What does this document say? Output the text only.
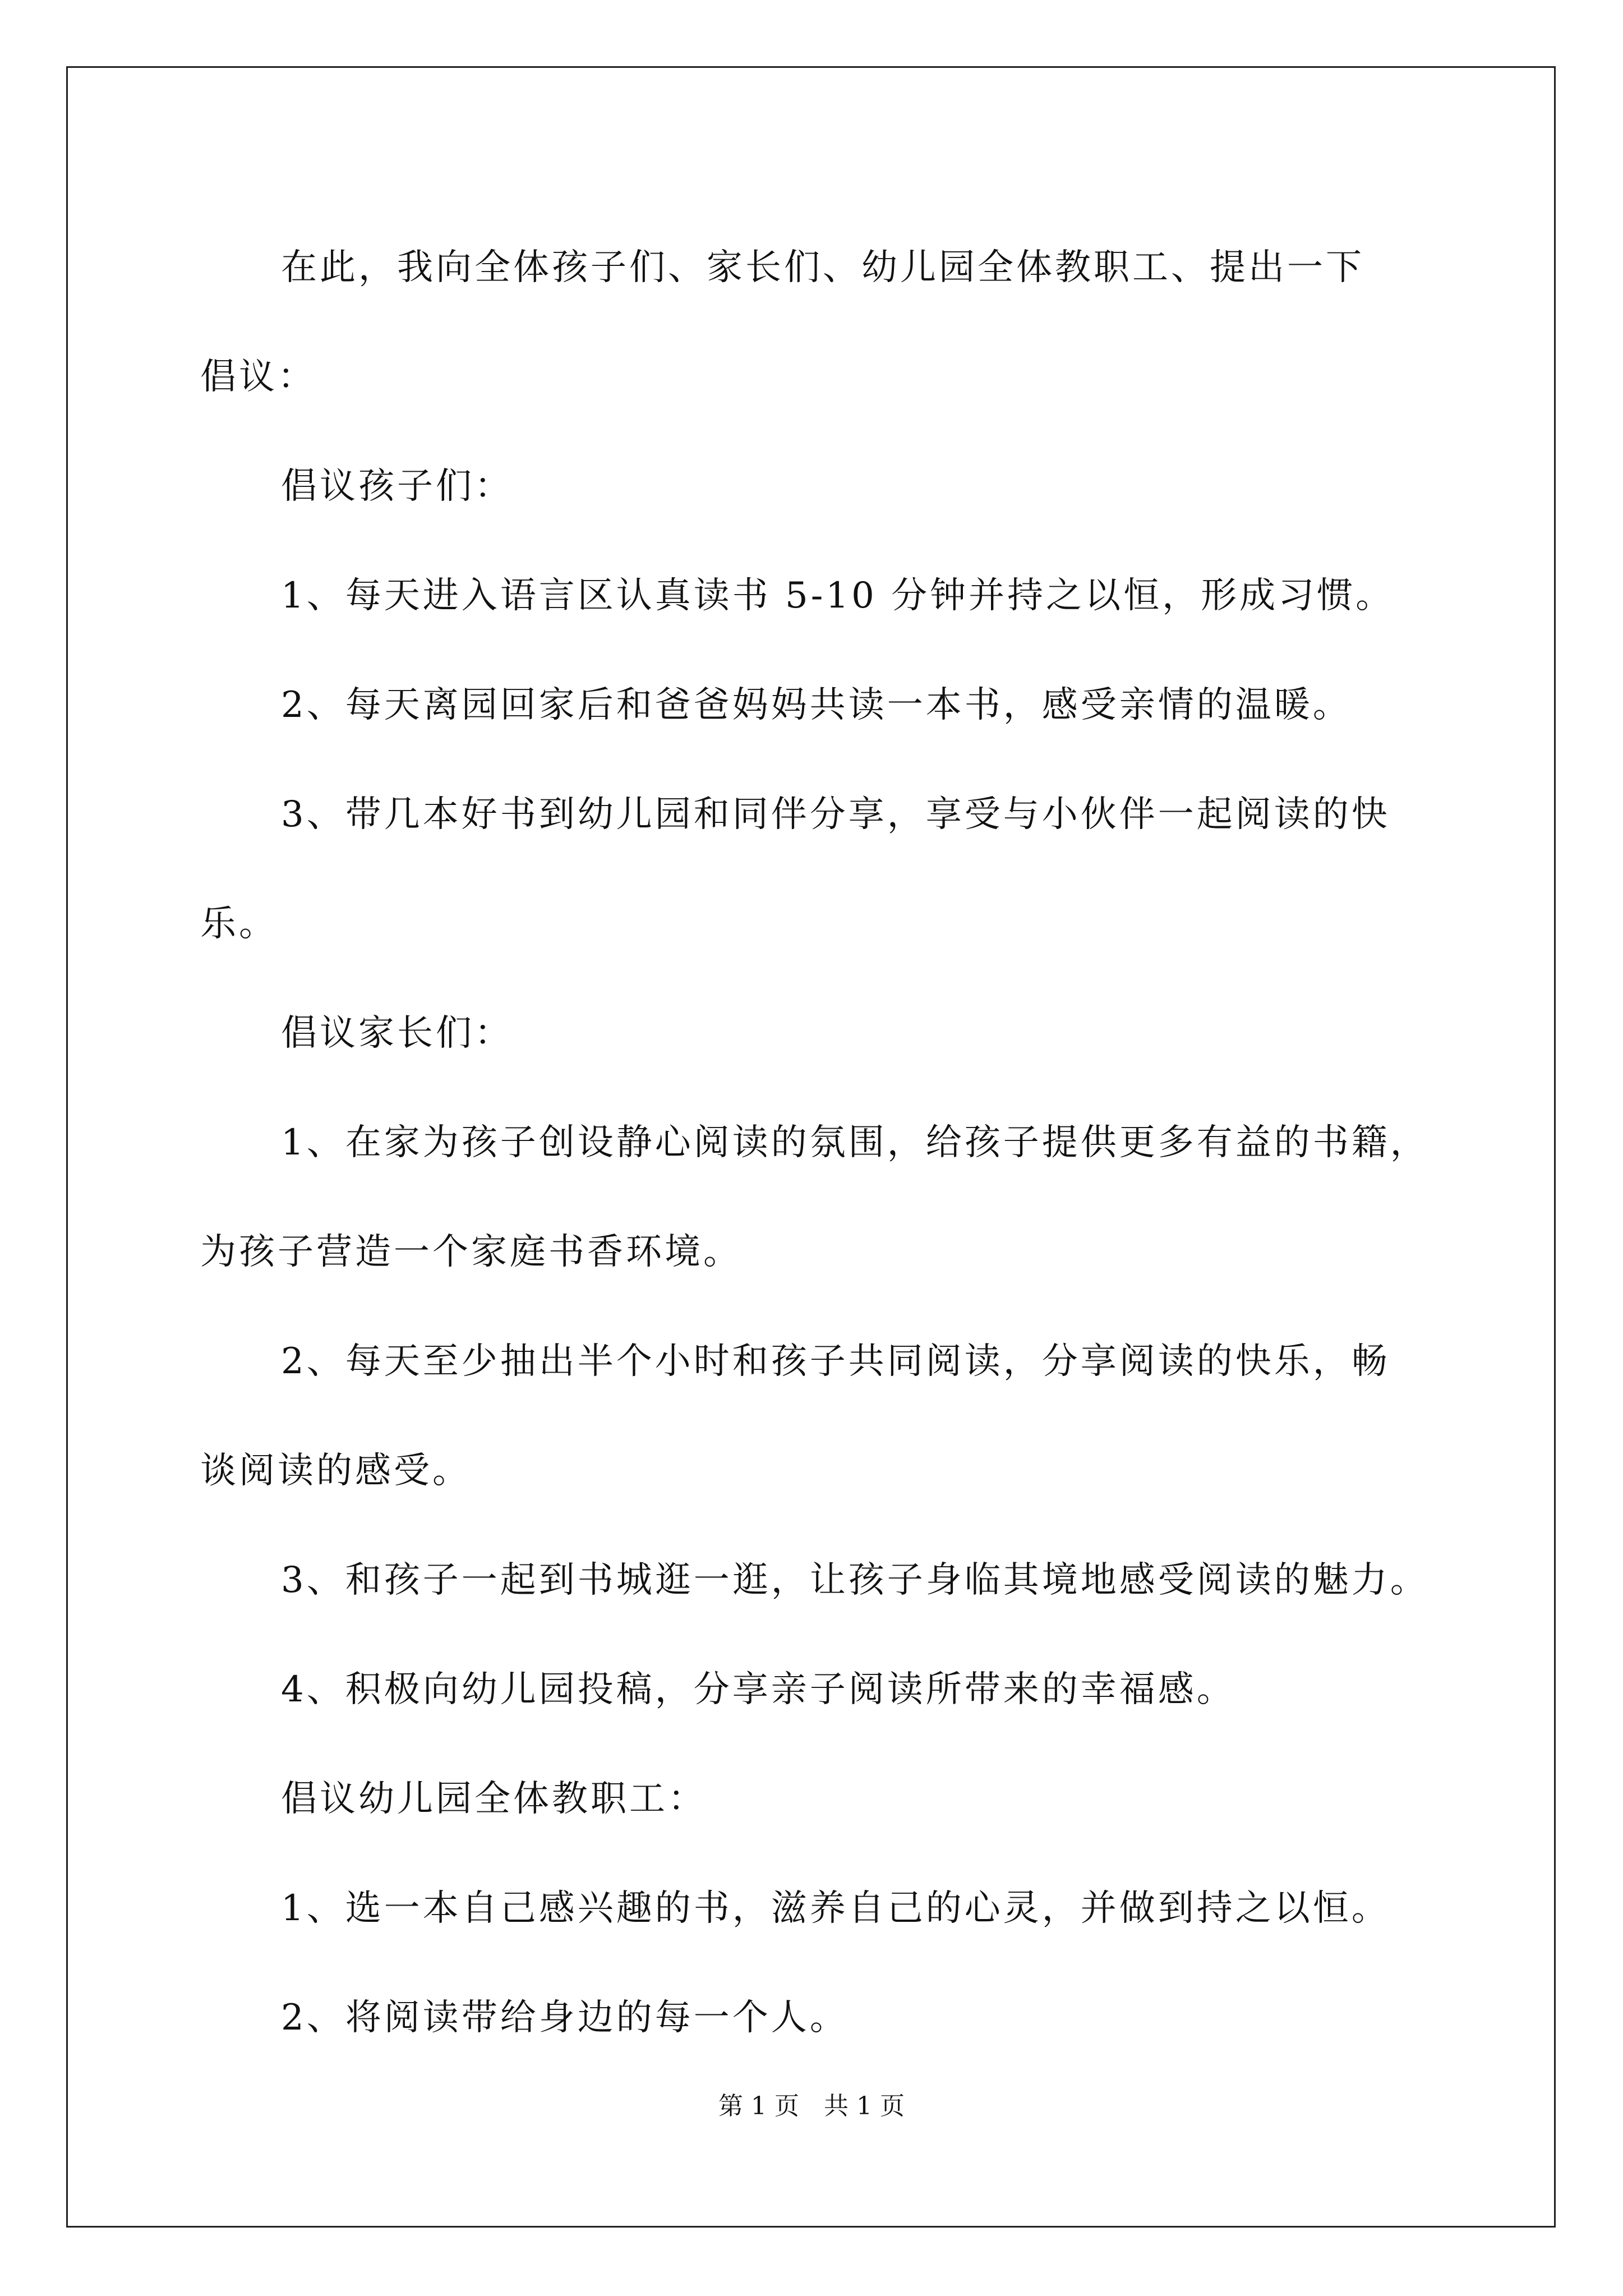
在此，我向全体孩子们、家长们、幼儿园全体教职工、提出一下

倡议：

倡议孩子们：

1、每天进入语言区认真读书 5-10 分钟并持之以恒，形成习惯。

2、每天离园回家后和爸爸妈妈共读一本书，感受亲情的温暖。

3、带几本好书到幼儿园和同伴分享，享受与小伙伴一起阅读的快

乐。

倡议家长们：

1、在家为孩子创设静心阅读的氛围，给孩子提供更多有益的书籍，

为孩子营造一个家庭书香环境。

2、每天至少抽出半个小时和孩子共同阅读，分享阅读的快乐，畅

谈阅读的感受。

3、和孩子一起到书城逛一逛，让孩子身临其境地感受阅读的魅力。

4、积极向幼儿园投稿，分享亲子阅读所带来的幸福感。

倡议幼儿园全体教职工：

1、选一本自己感兴趣的书，滋养自己的心灵，并做到持之以恒。

2、将阅读带给身边的每一个人。

第 1 页　共 1 页
